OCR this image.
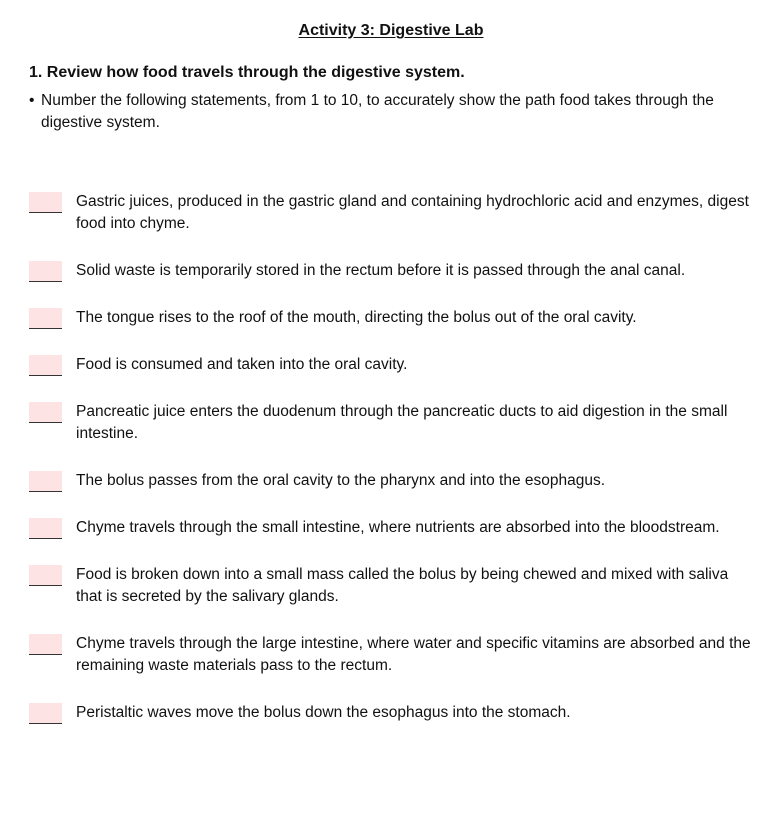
Activity 3: Digestive Lab
1. Review how food travels through the digestive system.
• Number the following statements, from 1 to 10, to accurately show the path food takes through the digestive system.
Gastric juices, produced in the gastric gland and containing hydrochloric acid and enzymes, digest food into chyme.
Solid waste is temporarily stored in the rectum before it is passed through the anal canal.
The tongue rises to the roof of the mouth, directing the bolus out of the oral cavity.
Food is consumed and taken into the oral cavity.
Pancreatic juice enters the duodenum through the pancreatic ducts to aid digestion in the small intestine.
The bolus passes from the oral cavity to the pharynx and into the esophagus.
Chyme travels through the small intestine, where nutrients are absorbed into the bloodstream.
Food is broken down into a small mass called the bolus by being chewed and mixed with saliva that is secreted by the salivary glands.
Chyme travels through the large intestine, where water and specific vitamins are absorbed and the remaining waste materials pass to the rectum.
Peristaltic waves move the bolus down the esophagus into the stomach.
